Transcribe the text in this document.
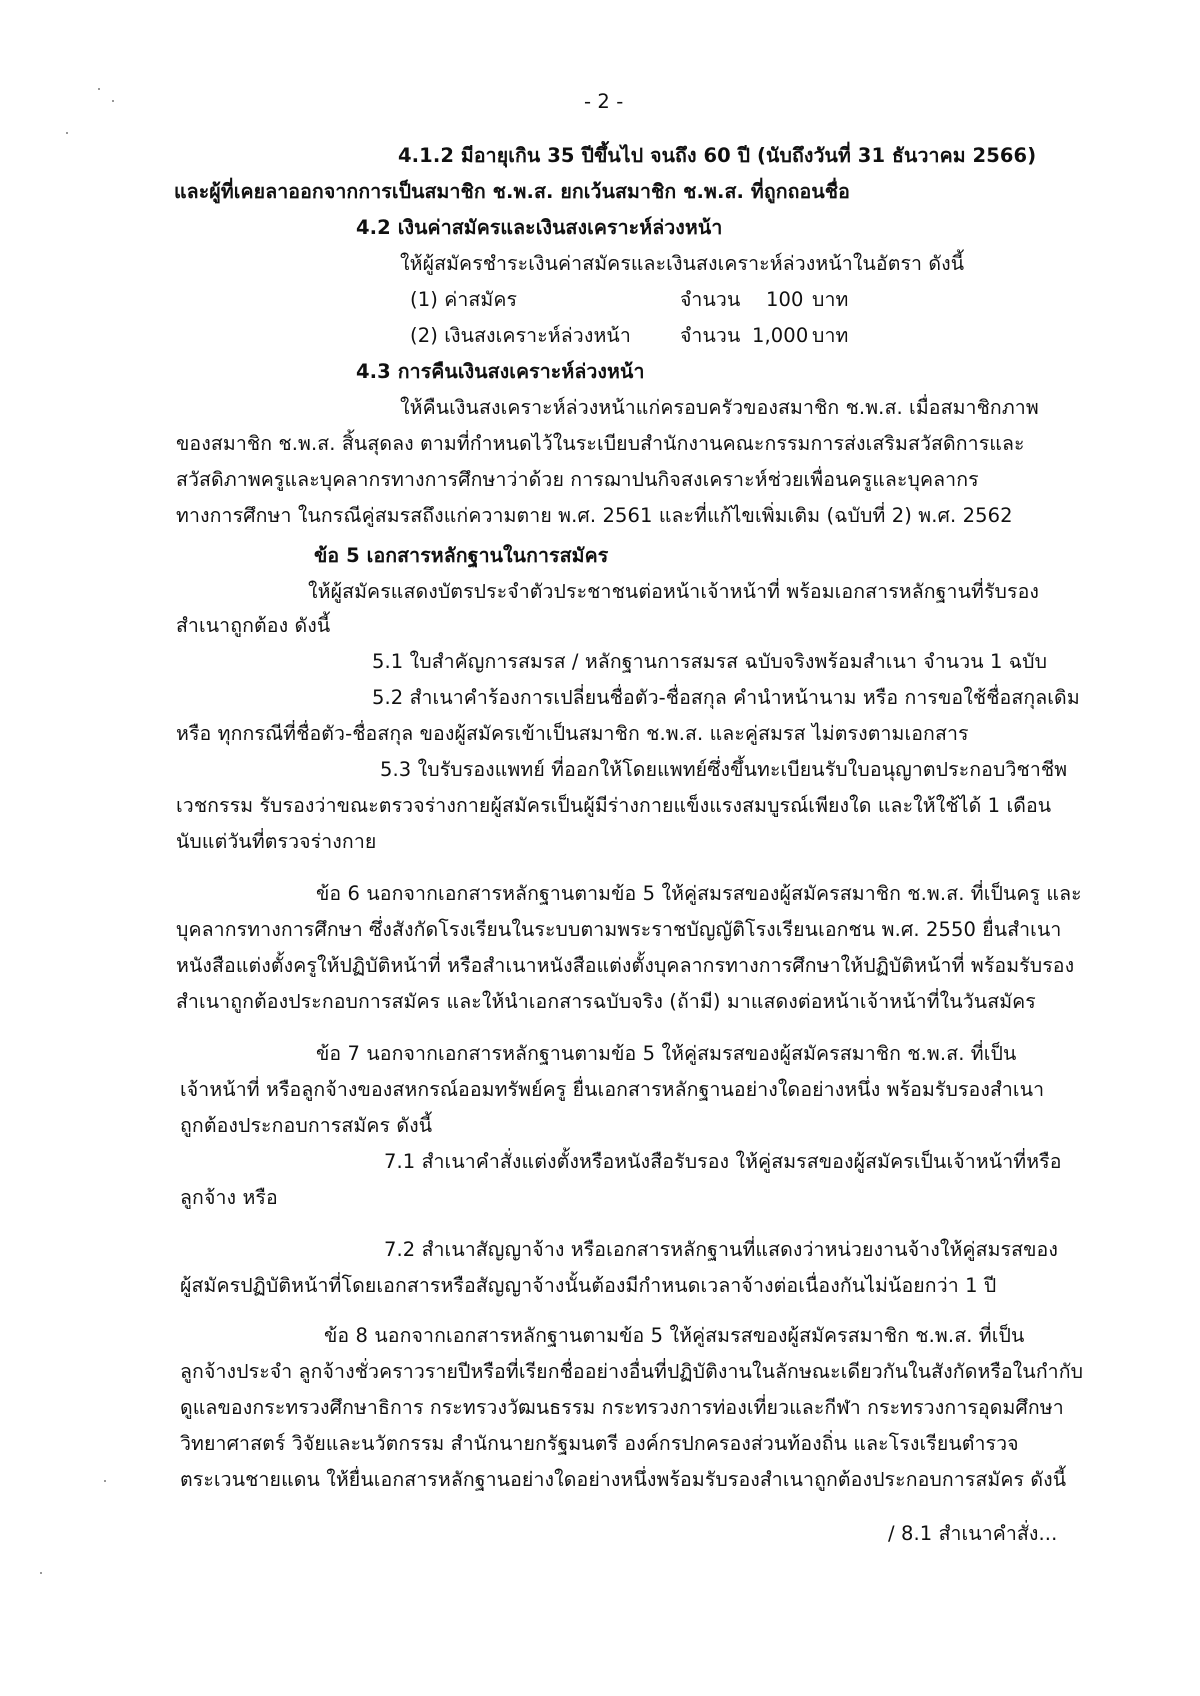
- 2 -
4.1.2 มีอายุเกิน 35 ปีขึ้นไป จนถึง 60 ปี (นับถึงวันที่ 31 ธันวาคม 2566)
และผู้ที่เคยลาออกจากการเป็นสมาชิก ช.พ.ส. ยกเว้นสมาชิก ช.พ.ส. ที่ถูกถอนชื่อ
4.2 เงินค่าสมัครและเงินสงเคราะห์ล่วงหน้า
ให้ผู้สมัครชำระเงินค่าสมัครและเงินสงเคราะห์ล่วงหน้าในอัตรา ดังนี้
(1) ค่าสมัคร	จำนวน 100 บาท
(2) เงินสงเคราะห์ล่วงหน้า	จำนวน 1,000 บาท
4.3 การคืนเงินสงเคราะห์ล่วงหน้า
ให้คืนเงินสงเคราะห์ล่วงหน้าแก่ครอบครัวของสมาชิก ช.พ.ส. เมื่อสมาชิกภาพ
ของสมาชิก ช.พ.ส. สิ้นสุดลง ตามที่กำหนดไว้ในระเบียบสำนักงานคณะกรรมการส่งเสริมสวัสดิการและ
สวัสดิภาพครูและบุคลากรทางการศึกษาว่าด้วย การฌาปนกิจสงเคราะห์ช่วยเพื่อนครูและบุคลากร
ทางการศึกษา ในกรณีคู่สมรสถึงแก่ความตาย พ.ศ. 2561 และที่แก้ไขเพิ่มเติม (ฉบับที่ 2) พ.ศ. 2562
ข้อ 5 เอกสารหลักฐานในการสมัคร
ให้ผู้สมัครแสดงบัตรประจำตัวประชาชนต่อหน้าเจ้าหน้าที่ พร้อมเอกสารหลักฐานที่รับรอง
สำเนาถูกต้อง ดังนี้
5.1 ใบสำคัญการสมรส / หลักฐานการสมรส ฉบับจริงพร้อมสำเนา จำนวน 1 ฉบับ
5.2 สำเนาคำร้องการเปลี่ยนชื่อตัว-ชื่อสกุล คำนำหน้านาม หรือ การขอใช้ชื่อสกุลเดิม
หรือ ทุกกรณีที่ชื่อตัว-ชื่อสกุล ของผู้สมัครเข้าเป็นสมาชิก ช.พ.ส. และคู่สมรส ไม่ตรงตามเอกสาร
5.3 ใบรับรองแพทย์ ที่ออกให้โดยแพทย์ซึ่งขึ้นทะเบียนรับใบอนุญาตประกอบวิชาชีพ
เวชกรรม รับรองว่าขณะตรวจร่างกายผู้สมัครเป็นผู้มีร่างกายแข็งแรงสมบูรณ์เพียงใด และให้ใช้ได้ 1 เดือน
นับแต่วันที่ตรวจร่างกาย
ข้อ 6 นอกจากเอกสารหลักฐานตามข้อ 5 ให้คู่สมรสของผู้สมัครสมาชิก ช.พ.ส. ที่เป็นครู และ
บุคลากรทางการศึกษา ซึ่งสังกัดโรงเรียนในระบบตามพระราชบัญญัติโรงเรียนเอกชน พ.ศ. 2550 ยื่นสำเนา
หนังสือแต่งตั้งครูให้ปฏิบัติหน้าที่ หรือสำเนาหนังสือแต่งตั้งบุคลากรทางการศึกษาให้ปฏิบัติหน้าที่ พร้อมรับรอง
สำเนาถูกต้องประกอบการสมัคร และให้นำเอกสารฉบับจริง (ถ้ามี) มาแสดงต่อหน้าเจ้าหน้าที่ในวันสมัคร
ข้อ 7 นอกจากเอกสารหลักฐานตามข้อ 5 ให้คู่สมรสของผู้สมัครสมาชิก ช.พ.ส. ที่เป็น
เจ้าหน้าที่ หรือลูกจ้างของสหกรณ์ออมทรัพย์ครู ยื่นเอกสารหลักฐานอย่างใดอย่างหนึ่ง พร้อมรับรองสำเนา
ถูกต้องประกอบการสมัคร ดังนี้
7.1 สำเนาคำสั่งแต่งตั้งหรือหนังสือรับรอง ให้คู่สมรสของผู้สมัครเป็นเจ้าหน้าที่หรือ
ลูกจ้าง หรือ
7.2 สำเนาสัญญาจ้าง หรือเอกสารหลักฐานที่แสดงว่าหน่วยงานจ้างให้คู่สมรสของ
ผู้สมัครปฏิบัติหน้าที่โดยเอกสารหรือสัญญาจ้างนั้นต้องมีกำหนดเวลาจ้างต่อเนื่องกันไม่น้อยกว่า 1 ปี
ข้อ 8 นอกจากเอกสารหลักฐานตามข้อ 5 ให้คู่สมรสของผู้สมัครสมาชิก ช.พ.ส. ที่เป็น
ลูกจ้างประจำ ลูกจ้างชั่วคราวรายปีหรือที่เรียกชื่ออย่างอื่นที่ปฏิบัติงานในลักษณะเดียวกันในสังกัดหรือในกำกับ
ดูแลของกระทรวงศึกษาธิการ กระทรวงวัฒนธรรม กระทรวงการท่องเที่ยวและกีฬา กระทรวงการอุดมศึกษา
วิทยาศาสตร์ วิจัยและนวัตกรรม สำนักนายกรัฐมนตรี องค์กรปกครองส่วนท้องถิ่น และโรงเรียนตำรวจ
ตระเวนชายแดน ให้ยื่นเอกสารหลักฐานอย่างใดอย่างหนึ่งพร้อมรับรองสำเนาถูกต้องประกอบการสมัคร ดังนี้
/ 8.1 สำเนาคำสั่ง...
